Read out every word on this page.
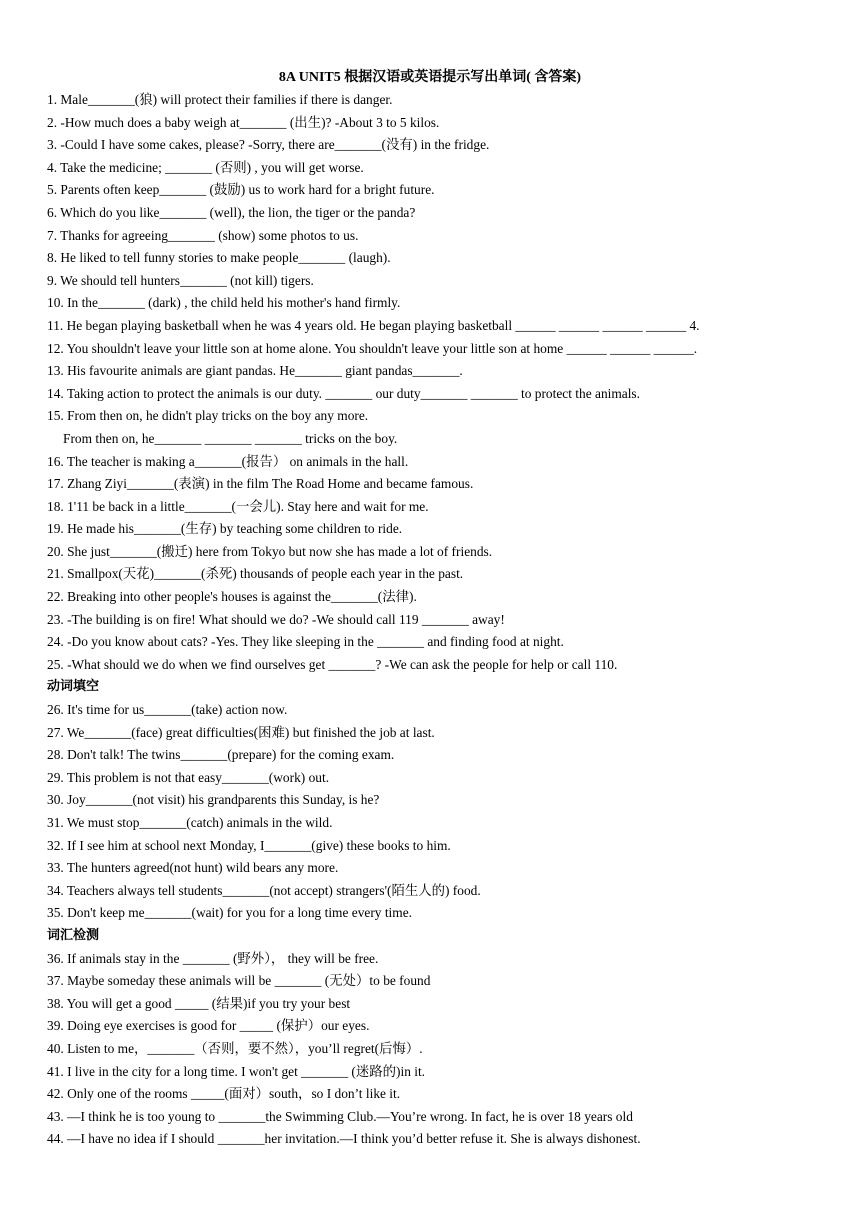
8A UNIT5 根据汉语或英语提示写出单词( 含答案)
1. Male_______(狼) will protect their families if there is danger.
2. -How much does a baby weigh at_______ (出生)? -About 3 to 5 kilos.
3. -Could I have some cakes, please? -Sorry, there are_______(没有) in the fridge.
4. Take the medicine; _______ (否则) , you will get worse.
5. Parents often keep_______ (鼓励) us to work hard for a bright future.
6. Which do you like_______ (well), the lion, the tiger or the panda?
7. Thanks for agreeing_______ (show) some photos to us.
8. He liked to tell funny stories to make people_______ (laugh).
9. We should tell hunters_______ (not kill) tigers.
10. In the_______ (dark) , the child held his mother's hand firmly.
11. He began playing basketball when he was 4 years old. He began playing basketball ______ ______ ______ ______ 4.
12. You shouldn't leave your little son at home alone. You shouldn't leave your little son at home ______ ______ ______.
13. His favourite animals are giant pandas. He_______ giant pandas_______.
14. Taking action to protect the animals is our duty. _______ our duty_______ _______ to protect the animals.
15. From then on, he didn't play tricks on the boy any more.
From then on, he_______ _______ _______ tricks on the boy.
16. The teacher is making a_______(报告） on animals in the hall.
17. Zhang Ziyi_______(表演) in the film The Road Home and became famous.
18. 1'11 be back in a little_______(一会儿). Stay here and wait for me.
19. He made his_______(生存) by teaching some children to ride.
20. She just_______(搬迁) here from Tokyo but now she has made a lot of friends.
21. Smallpox(天花)_______(杀死) thousands of people each year in the past.
22. Breaking into other people's houses is against the_______(法律).
23. -The building is on fire! What should we do? -We should call 119 _______ away!
24. -Do you know about cats? -Yes. They like sleeping in the _______ and finding food at night.
25. -What should we do when we find ourselves get _______? -We can ask the people for help or call 110.
动词填空
26. It's time for us_______(take) action now.
27. We_______(face) great difficulties(困难) but finished the job at last.
28. Don't talk! The twins_______(prepare) for the coming exam.
29. This problem is not that easy_______(work) out.
30. Joy_______(not visit) his grandparents this Sunday, is he?
31. We must stop_______(catch) animals in the wild.
32. If I see him at school next Monday, I_______(give) these books to him.
33. The hunters agreed(not hunt) wild bears any more.
34. Teachers always tell students_______(not accept) strangers'(陌生人的) food.
35. Don't keep me_______(wait) for you for a long time every time.
词汇检测
36. If animals stay in the _______ (野外）， they will be free.
37. Maybe someday these animals will be _______ (无处）to be found
38. You will get a good _____ (结果)if you try your best
39. Doing eye exercises is good for _____ (保护）our eyes.
40. Listen to me，_______（否则，要不然），you’ll regret(后悔）.
41. I live in the city for a long time. I won't get _______ (迷路的)in it.
42. Only one of the rooms _____(面对）south，so I don’t like it.
43. —I think he is too young to _______the Swimming Club.—You’re wrong. In fact, he is over 18 years old
44. —I have no idea if I should _______her invitation.—I think you’d better refuse it. She is always dishonest.
